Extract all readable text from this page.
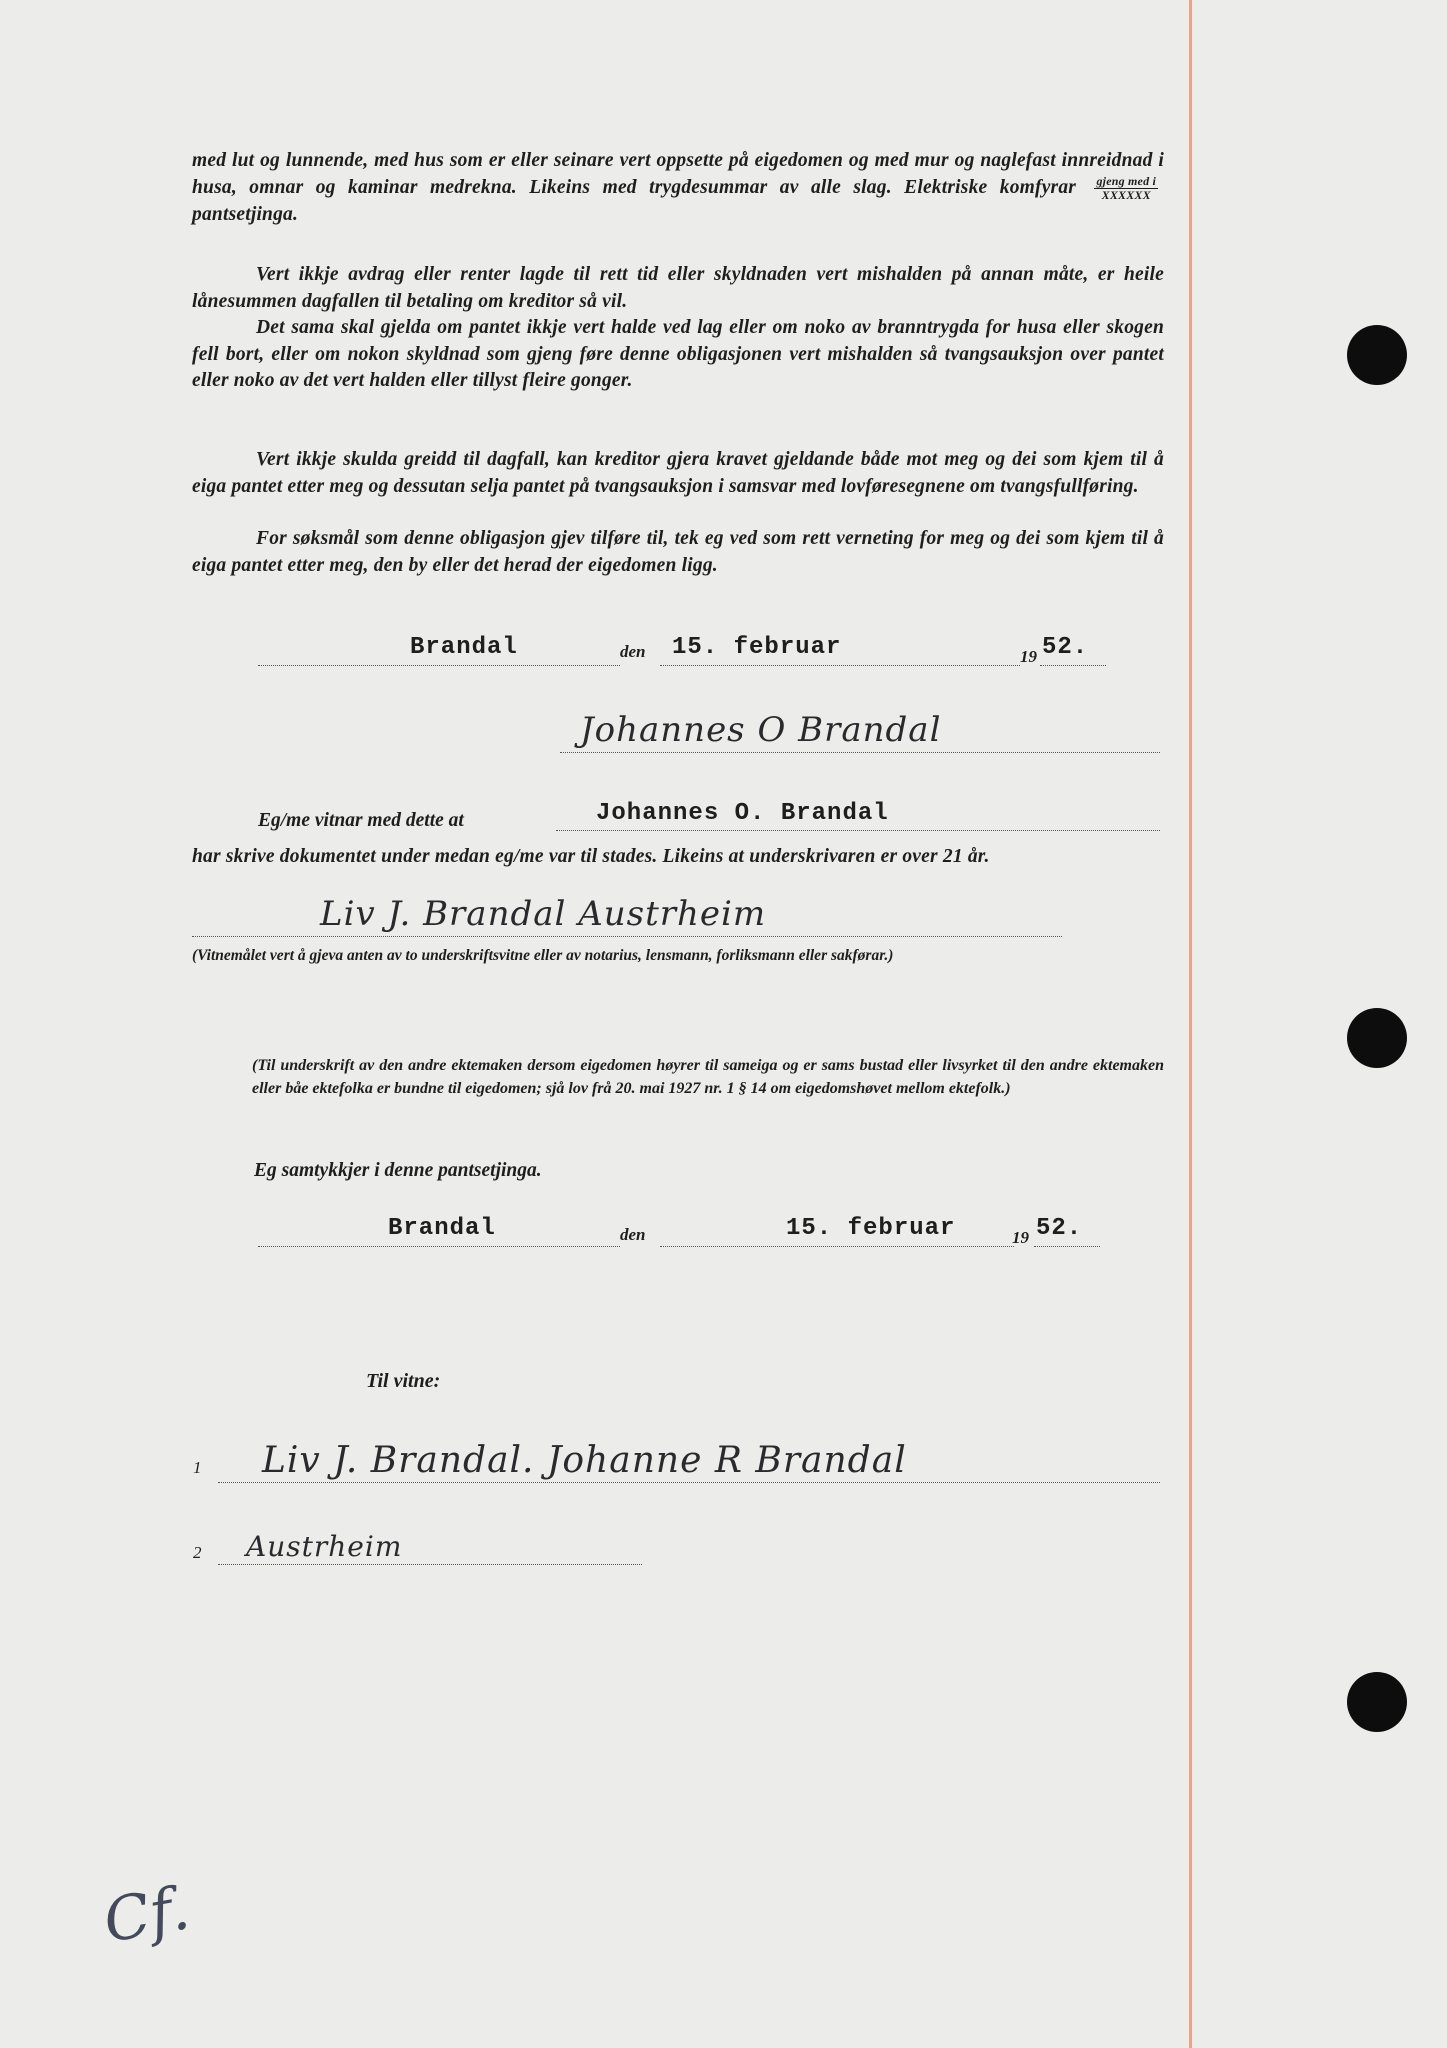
med lut og lunnende, med hus som er eller seinare vert oppsette på eigedomen og med mur og naglefast innreidnad i husa, omnar og kaminar medrekna. Likeins med trygdesummar av alle slag. Elektriske komfyrar $\frac{\text{gjeng med i}}{\text{XXXXXX}}$
pantsetjinga.
Vert ikkje avdrag eller renter lagde til rett tid eller skyldnaden vert mishalden på annan måte, er heile lånesummen dagfallen til betaling om kreditor så vil.
Det sama skal gjelda om pantet ikkje vert halde ved lag eller om noko av branntrygda for husa eller skogen fell bort, eller om nokon skyldnad som gjeng føre denne obligasjonen vert mishalden så tvangsauksjon over pantet eller noko av det vert halden eller tillyst fleire gonger.
Vert ikkje skulda greidd til dagfall, kan kreditor gjera kravet gjeldande både mot meg og dei som kjem til å eiga pantet etter meg og dessutan selja pantet på tvangsauksjon i samsvar med lovføresegnene om tvangsfullføring.
For søksmål som denne obligasjon gjev tilføre til, tek eg ved som rett verneting for meg og dei som kjem til å eiga pantet etter meg, den by eller det herad der eigedomen ligg.
Brandal	den 15. februar	19 52.
Johannes O Brandal
Eg/me vitnar med dette at	Johannes O. Brandal
har skrive dokumentet under medan eg/me var til stades. Likeins at underskrivaren er over 21 år.
Liv J. Brandal Austrheim
(Vitnemålet vert å gjeva anten av to underskriftsvitne eller av notarius, lensmann, forliksmann eller sakførar.)
(Til underskrift av den andre ektemaken dersom eigedomen høyrer til sameiga og er sams bustad eller livsyrket til den andre ektemaken eller båe ektefolka er bundne til eigedomen; sjå lov frå 20. mai 1927 nr. 1 § 14 om eigedomshøvet mellom ektefolk.)
Eg samtykkjer i denne pantsetjinga.
Brandal	den	15. februar	19 52.
Til vitne:
1 Liv J. Brandal. Johanne R Brandal
2 Austrheim
Cf.
